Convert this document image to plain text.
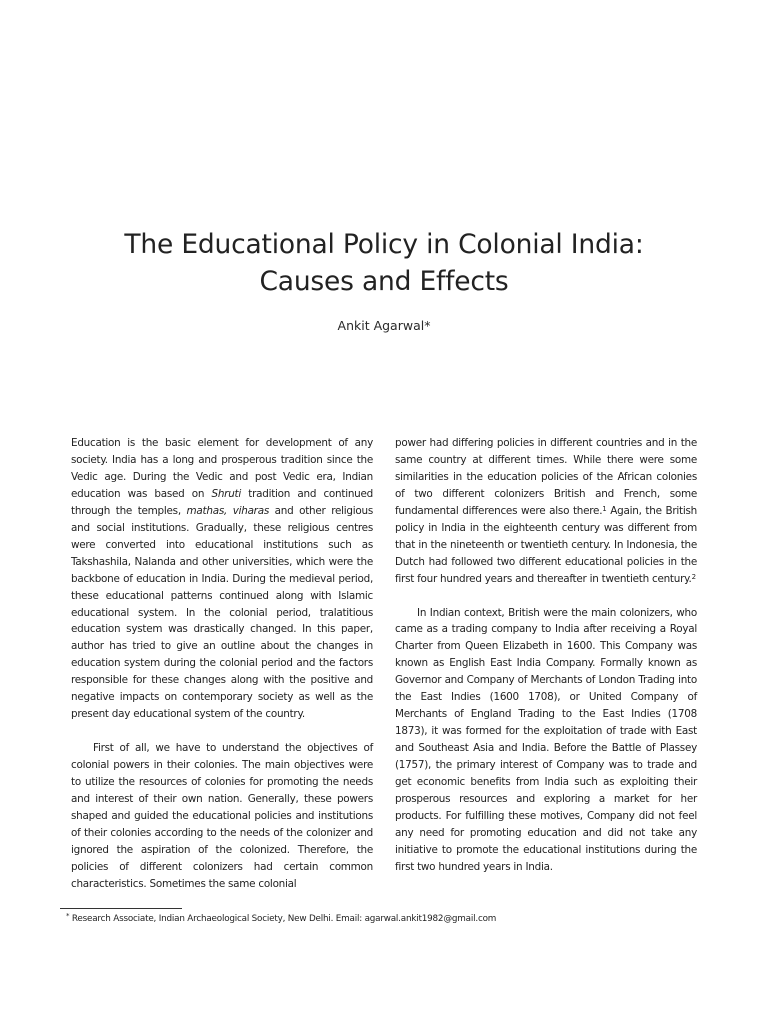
The Educational Policy in Colonial India:
Causes and Effects
Ankit Agarwal*

Education is the basic element for development of any society. India has a long and prosperous tradition since the Vedic age. During the Vedic and post Vedic era, Indian education was based on Shruti tradition and continued through the temples, mathas, viharas and other religious and social institutions. Gradually, these religious centres were converted into educational institutions such as Takshashila, Nalanda and other universities, which were the backbone of education in India. During the medieval period, these educational patterns continued along with Islamic educational system. In the colonial period, tralatitious education system was drastically changed. In this paper, author has tried to give an outline about the changes in education system during the colonial period and the factors responsible for these changes along with the positive and negative impacts on contemporary society as well as the present day educational system of the country.

First of all, we have to understand the objectives of colonial powers in their colonies. The main objectives were to utilize the resources of colonies for promoting the needs and interest of their own nation. Generally, these powers shaped and guided the educational policies and institutions of their colonies according to the needs of the colonizer and ignored the aspiration of the colonized. Therefore, the policies of different colonizers had certain common characteristics. Sometimes the same colonial

power had differing policies in different countries and in the same country at different times. While there were some similarities in the education policies of the African colonies of two different colonizers British and French, some fundamental differences were also there.$^1$ Again, the British policy in India in the eighteenth century was different from that in the nineteenth or twentieth century. In Indonesia, the Dutch had followed two different educational policies in the first four hundred years and thereafter in twentieth century.$^2$

In Indian context, British were the main colonizers, who came as a trading company to India after receiving a Royal Charter from Queen Elizabeth in 1600. This Company was known as English East India Company. Formally known as Governor and Company of Merchants of London Trading into the East Indies (1600 1708), or United Company of Merchants of England Trading to the East Indies (1708 1873), it was formed for the exploitation of trade with East and Southeast Asia and India. Before the Battle of Plassey (1757), the primary interest of Company was to trade and get economic benefits from India such as exploiting their prosperous resources and exploring a market for her products. For fulfilling these motives, Company did not feel any need for promoting education and did not take any initiative to promote the educational institutions during the first two hundred years in India.

* Research Associate, Indian Archaeological Society, New Delhi. Email: agarwal.ankit1982@gmail.com
